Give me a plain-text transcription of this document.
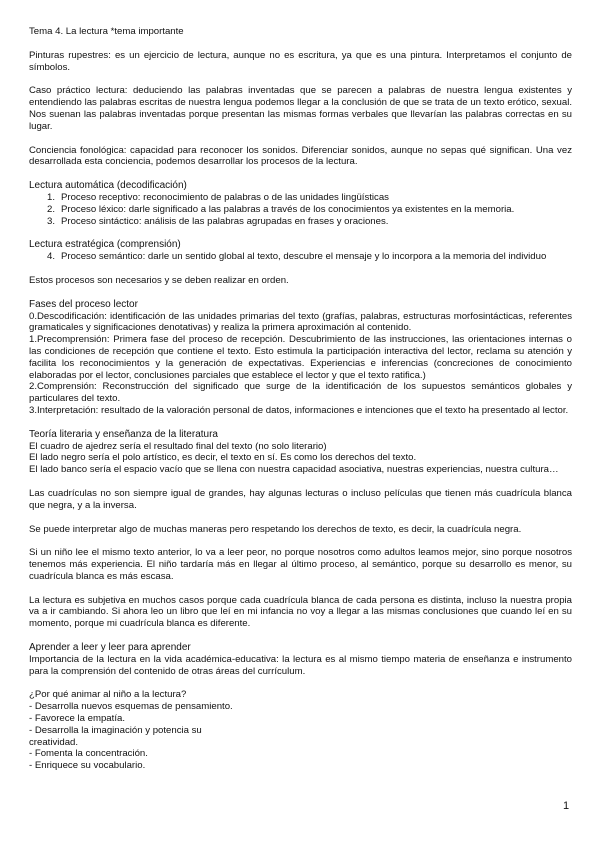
Tema 4. La lectura *tema importante

Pinturas rupestres: es un ejercicio de lectura, aunque no es escritura, ya que es una pintura. Interpretamos el conjunto de símbolos.

Caso práctico lectura: deduciendo las palabras inventadas que se parecen a palabras de nuestra lengua existentes y entendiendo las palabras escritas de nuestra lengua podemos llegar a la conclusión de que se trata de un texto erótico, sexual. Nos suenan las palabras inventadas porque presentan las mismas formas verbales que llevarían las palabras correctas en su lugar.

Conciencia fonológica: capacidad para reconocer los sonidos. Diferenciar sonidos, aunque no sepas qué significan. Una vez desarrollada esta conciencia, podemos desarrollar los procesos de la lectura.

Lectura automática (decodificación)

1. Proceso receptivo: reconocimiento de palabras o de las unidades lingüísticas
2. Proceso léxico: darle significado a las palabras a través de los conocimientos ya existentes en la memoria.
3. Proceso sintáctico: análisis de las palabras agrupadas en frases y oraciones.

Lectura estratégica (comprensión)

4. Proceso semántico: darle un sentido global al texto, descubre el mensaje y lo incorpora a la memoria del individuo

Estos procesos son necesarios y se deben realizar en orden.

Fases del proceso lector

0.Descodificación: identificación de las unidades primarias del texto (grafías, palabras, estructuras morfosintácticas, referentes gramaticales y significaciones denotativas) y realiza la primera aproximación al contenido.

1.Precomprensión: Primera fase del proceso de recepción. Descubrimiento de las instrucciones, las orientaciones internas o las condiciones de recepción que contiene el texto. Esto estimula la participación interactiva del lector, reclama su atención y facilita los reconocimientos y la generación de expectativas. Experiencias e inferencias (concreciones de conocimiento elaboradas por el lector, conclusiones parciales que establece el lector y que el texto ratifica.)

2.Comprensión: Reconstrucción del significado que surge de la identificación de los supuestos semánticos globales y particulares del texto.

3.Interpretación: resultado de la valoración personal de datos, informaciones e intenciones que el texto ha presentado al lector.

Teoría literaria y enseñanza de la literatura

El cuadro de ajedrez sería el resultado final del texto (no solo literario)

El lado negro sería el polo artístico, es decir, el texto en sí. Es como los derechos del texto.

El lado banco sería el espacio vacío que se llena con nuestra capacidad asociativa, nuestras experiencias, nuestra cultura…

Las cuadrículas no son siempre igual de grandes, hay algunas lecturas o incluso películas que tienen más cuadrícula blanca que negra, y a la inversa.

Se puede interpretar algo de muchas maneras pero respetando los derechos de texto, es decir, la cuadrícula negra.

Si un niño lee el mismo texto anterior, lo va a leer peor, no porque nosotros como adultos leamos mejor, sino porque nosotros tenemos más experiencia. El niño tardaría más en llegar al último proceso, al semántico, porque su desarrollo es menor, su cuadrícula blanca es más escasa.

La lectura es subjetiva en muchos casos porque cada cuadrícula blanca de cada persona es distinta, incluso la nuestra propia va a ir cambiando. Si ahora leo un libro que leí en mi infancia no voy a llegar a las mismas conclusiones que cuando leí en su momento, porque mi cuadrícula blanca es diferente.

Aprender a leer y leer para aprender

Importancia de la lectura en la vida académica-educativa: la lectura es al mismo tiempo materia de enseñanza e instrumento para la comprensión del contenido de otras áreas del currículum.

¿Por qué animar al niño a la lectura?

- Desarrolla nuevos esquemas de pensamiento.

- Favorece la empatía.

- Desarrolla la imaginación y potencia su

creatividad.

- Fomenta la concentración.

- Enriquece su vocabulario.

1
